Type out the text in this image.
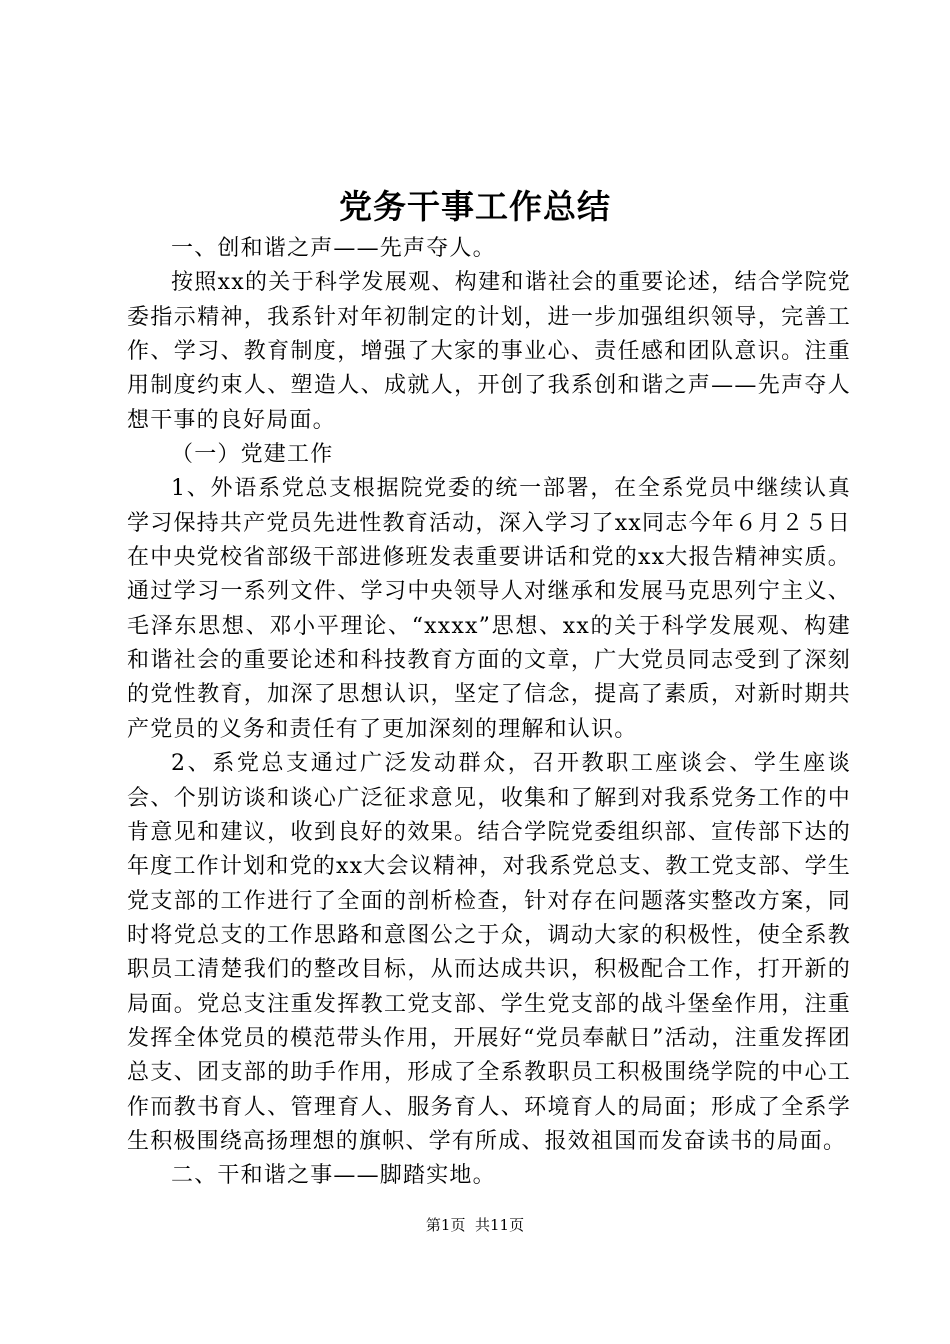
党务干事工作总结

一、创和谐之声——先声夺人。

按照xx的关于科学发展观、构建和谐社会的重要论述，结合学院党委指示精神，我系针对年初制定的计划，进一步加强组织领导，完善工作、学习、教育制度，增强了大家的事业心、责任感和团队意识。注重用制度约束人、塑造人、成就人，开创了我系创和谐之声——先声夺人想干事的良好局面。

（一）党建工作

1、外语系党总支根据院党委的统一部署，在全系党员中继续认真学习保持共产党员先进性教育活动，深入学习了xx同志今年６月２５日在中央党校省部级干部进修班发表重要讲话和党的xx大报告精神实质。通过学习一系列文件、学习中央领导人对继承和发展马克思列宁主义、毛泽东思想、邓小平理论、“xxxx”思想、xx的关于科学发展观、构建和谐社会的重要论述和科技教育方面的文章，广大党员同志受到了深刻的党性教育，加深了思想认识，坚定了信念，提高了素质，对新时期共产党员的义务和责任有了更加深刻的理解和认识。

2、系党总支通过广泛发动群众，召开教职工座谈会、学生座谈会、个别访谈和谈心广泛征求意见，收集和了解到对我系党务工作的中肯意见和建议，收到良好的效果。结合学院党委组织部、宣传部下达的年度工作计划和党的xx大会议精神，对我系党总支、教工党支部、学生党支部的工作进行了全面的剖析检查，针对存在问题落实整改方案，同时将党总支的工作思路和意图公之于众，调动大家的积极性，使全系教职员工清楚我们的整改目标，从而达成共识，积极配合工作，打开新的局面。党总支注重发挥教工党支部、学生党支部的战斗堡垒作用，注重发挥全体党员的模范带头作用，开展好“党员奉献日”活动，注重发挥团总支、团支部的助手作用，形成了全系教职员工积极围绕学院的中心工作而教书育人、管理育人、服务育人、环境育人的局面；形成了全系学生积极围绕高扬理想的旗帜、学有所成、报效祖国而发奋读书的局面。

二、干和谐之事——脚踏实地。

第1页 共11页
